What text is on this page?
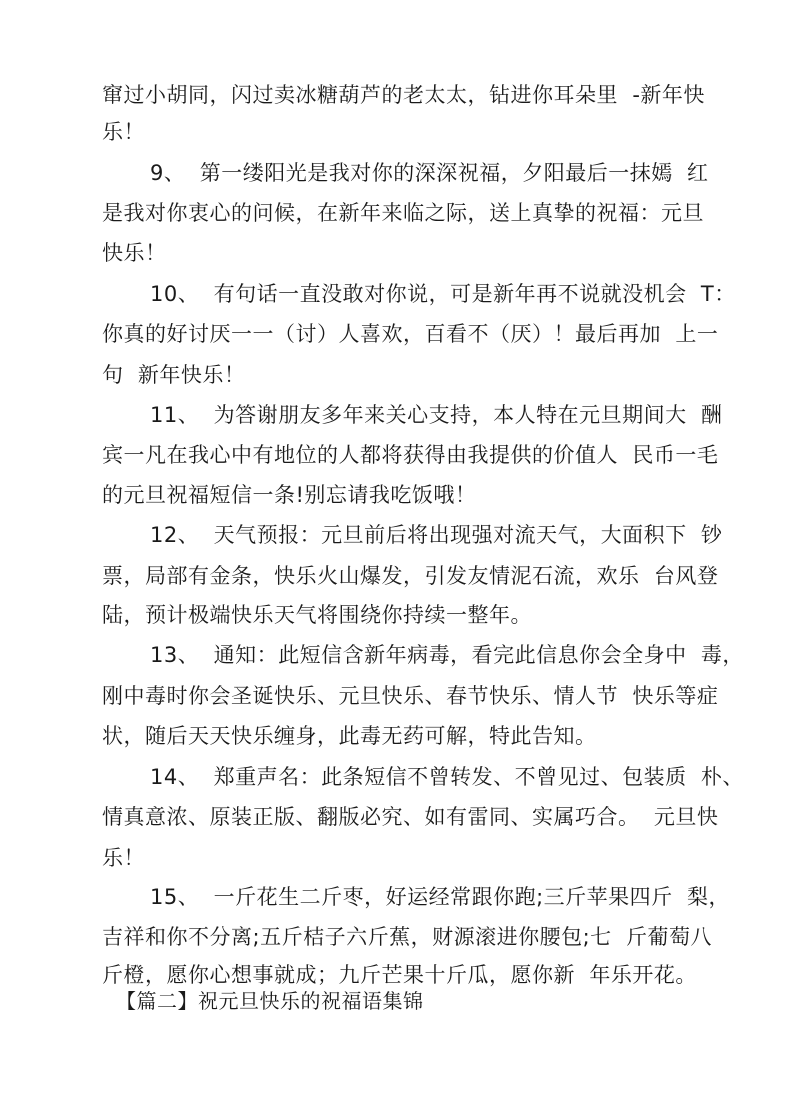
窜过小胡同，闪过卖冰糖葫芦的老太太，钻进你耳朵里  -新年快
乐！
9、  第一缕阳光是我对你的深深祝福，夕阳最后一抹嫣  红
是我对你衷心的问候，在新年来临之际，送上真挚的祝福：元旦
快乐！
10、  有句话一直没敢对你说，可是新年再不说就没机会  T：
你真的好讨厌一一（讨）人喜欢，百看不（厌）！最后再加  上一
句  新年快乐！
11、  为答谢朋友多年来关心支持，本人特在元旦期间大  酬
宾一凡在我心中有地位的人都将获得由我提供的价值人  民币一毛
的元旦祝福短信一条!别忘请我吃饭哦！
12、  天气预报：元旦前后将出现强对流天气，大面积下  钞
票，局部有金条，快乐火山爆发，引发友情泥石流，欢乐  台风登
陆，预计极端快乐天气将围绕你持续一整年。
13、  通知：此短信含新年病毒，看完此信息你会全身中  毒，
刚中毒时你会圣诞快乐、元旦快乐、春节快乐、情人节  快乐等症
状，随后天天快乐缠身，此毒无药可解，特此告知。
14、  郑重声名：此条短信不曾转发、不曾见过、包装质  朴、
情真意浓、原装正版、翻版必究、如有雷同、实属巧合。  元旦快
乐！
15、  一斤花生二斤枣，好运经常跟你跑;三斤苹果四斤  梨，
吉祥和你不分离;五斤桔子六斤蕉，财源滚进你腰包;七  斤葡萄八
斤橙，愿你心想事就成；九斤芒果十斤瓜，愿你新  年乐开花。
【篇二】祝元旦快乐的祝福语集锦
